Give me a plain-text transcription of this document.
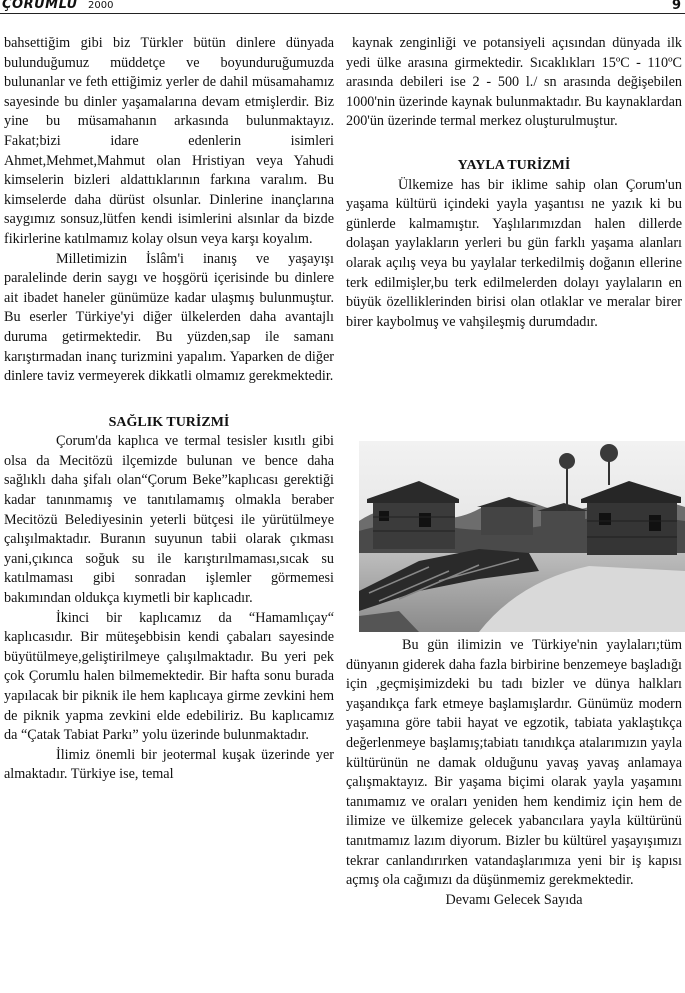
ÇORUMLU 2000	9

bahsettiğim gibi biz Türkler bütün dinlere dünyada bulunduğumuz müddetçe ve boyunduruğumuzda bulunanlar ve feth ettiğimiz yerler de dahil müsamahamız sayesinde bu dinler yaşamalarına devam etmişlerdir. Biz yine bu müsamahanın arkasında bulunmaktayız. Fakat;bizi idare edenlerin isimleri Ahmet,Mehmet,Mahmut olan Hristiyan veya Yahudi kimselerin bizleri aldattıklarının farkına varalım. Bu kimselerde daha dürüst olsunlar. Dinlerine inançlarına saygımız sonsuz,lütfen kendi isimlerini alsınlar da bizde fikirlerine katılmamız kolay olsun veya karşı koyalım.

Milletimizin İslâm'i inanış ve yaşayışı paralelinde derin saygı ve hoşgörü içerisinde bu dinlere ait ibadet haneler günümüze kadar ulaşmış bulunmuştur. Bu eserler Türkiye'yi diğer ülkelerden daha avantajlı duruma getirmektedir. Bu yüzden,sap ile samanı karıştırmadan inanç turizmini yapalım. Yaparken de diğer dinlere taviz vermeyerek dikkatli olmamız gerekmektedir.

SAĞLIK TURİZMİ

Çorum'da kaplıca ve termal tesisler kısıtlı gibi olsa da Mecitözü ilçemizde bulunan ve bence daha sağlıklı daha şifalı olan“Çorum Beke”kaplıcası gerektiği kadar tanınmamış ve tanıtılamamış olmakla beraber Mecitözü Belediyesinin yeterli bütçesi ile yürütülmeye çalışılmaktadır. Buranın suyunun tabii olarak çıkması yani,çıkınca soğuk su ile karıştırılmaması,sıcak su katılmaması gibi sonradan işlemler görmemesi bakımından oldukça kıymetli bir kaplıcadır.

İkinci bir kaplıcamız da “Hamamlıçay“ kaplıcasıdır. Bir müteşebbisin kendi çabaları sayesinde büyütülmeye,geliştirilmeye çalışılmaktadır. Bu yeri pek çok Çorumlu halen bilmemektedir. Bir hafta sonu burada yapılacak bir piknik ile hem kaplıcaya girme zevkini hem de piknik yapma zevkini elde edebiliriz. Bu kaplıcamız da “Çatak Tabiat Parkı” yolu üzerinde bulunmaktadır.

İlimiz önemli bir jeotermal kuşak üzerinde yer almaktadır. Türkiye ise, temal

kaynak zenginliği ve potansiyeli açısından dünyada ilk yedi ülke arasına girmektedir. Sıcaklıkları 15ºC - 110ºC arasında debileri ise 2 - 500 l./ sn arasında değişebilen 1000'nin üzerinde kaynak bulunmaktadır. Bu kaynaklardan 200'ün üzerinde termal merkez oluşturulmuştur.

YAYLA TURİZMİ

Ülkemize has bir iklime sahip olan Çorum'un yaşama kültürü içindeki yayla yaşantısı ne yazık ki bu günlerde kalmamıştır. Yaşlılarımızdan halen dillerde dolaşan yaylakların yerleri bu gün farklı yaşama alanları olarak açılış veya bu yaylalar terkedilmiş doğanın ellerine terk edilmişler,bu terk edilmelerden dolayı yaylaların en büyük özelliklerinden birisi olan otlaklar ve meralar birer birer kaybolmuş ve vahşileşmiş durumdadır.

Bu gün ilimizin ve Türkiye'nin yaylaları;tüm dünyanın giderek daha fazla birbirine benzemeye başladığı için ,geçmişimizdeki bu tadı bizler ve dünya halkları yaşandıkça fark etmeye başlamışlardır. Günümüz modern yaşamına göre tabii hayat ve egzotik, tabiata yaklaştıkça değerlenmeye başlamış;tabiatı tanıdıkça atalarımızın yayla kültürünün ne damak olduğunu yavaş yavaş anlamaya çalışmaktayız. Bir yaşama biçimi olarak yayla yaşamını tanımamız ve oraları yeniden hem kendimiz için hem de ilimize ve ülkemize gelecek yabancılara yayla kültürünü tanıtmamız lazım diyorum. Bizler bu kültürel yaşayışımızı tekrar canlandırırken vatandaşlarımıza yeni bir iş kapısı açmış ola cağımızı da düşünmemiz gerekmektedir.

Devamı Gelecek Sayıda
